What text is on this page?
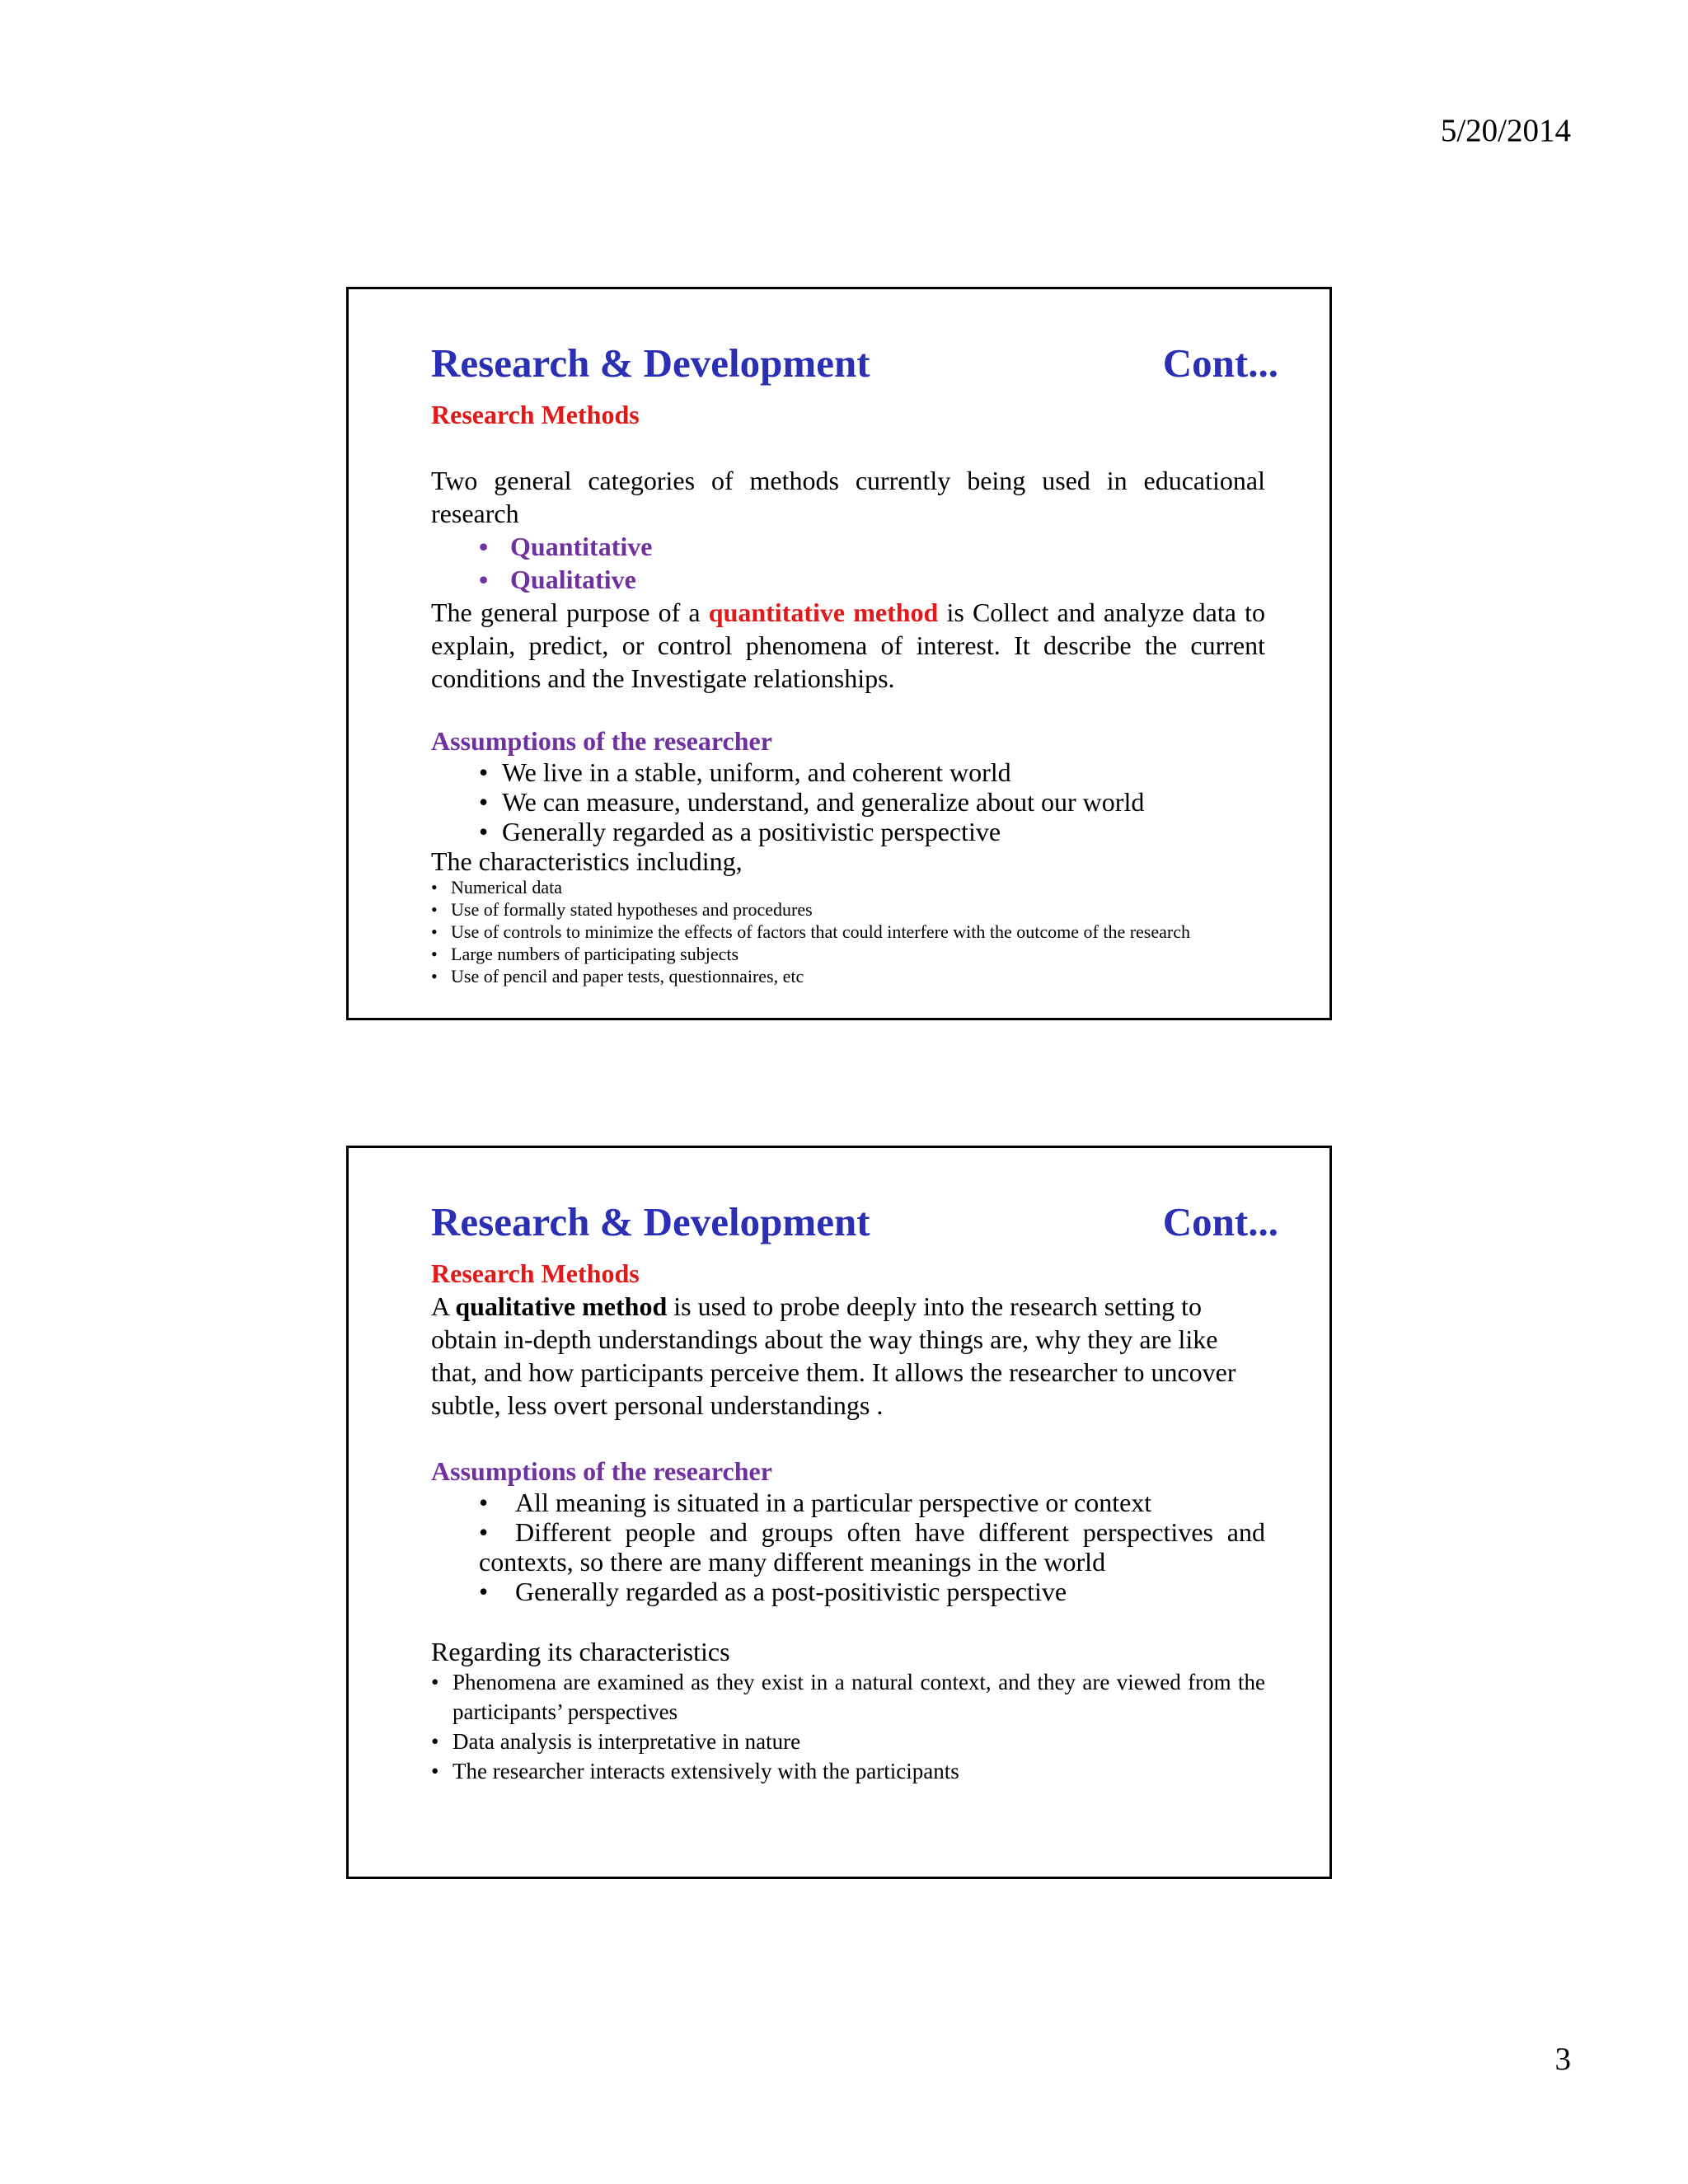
5/20/2014
Research & Development	Cont...
Research Methods

Two general categories of methods currently being used in educational research

• Quantitative
• Qualitative

The general purpose of a quantitative method is Collect and analyze data to explain, predict, or control phenomena of interest. It describe the current conditions and the Investigate relationships.

Assumptions of the researcher
• We live in a stable, uniform, and coherent world
• We can measure, understand, and generalize about our world
• Generally regarded as a positivistic perspective

The characteristics including,

• Numerical data
• Use of formally stated hypotheses and procedures
• Use of controls to minimize the effects of factors that could interfere with the outcome of the research
• Large numbers of participating subjects
• Use of pencil and paper tests, questionnaires, etc
Research & Development	Cont...
Research Methods

A qualitative method is used to probe deeply into the research setting to obtain in-depth understandings about the way things are, why they are like that, and how participants perceive them. It allows the researcher to uncover subtle, less overt personal understandings .

Assumptions of the researcher
• All meaning is situated in a particular perspective or context
• Different people and groups often have different perspectives and contexts, so there are many different meanings in the world
• Generally regarded as a post-positivistic perspective

Regarding its characteristics

• Phenomena are examined as they exist in a natural context, and they are viewed from the participants’ perspectives
• Data analysis is interpretative in nature
• The researcher interacts extensively with the participants
3
